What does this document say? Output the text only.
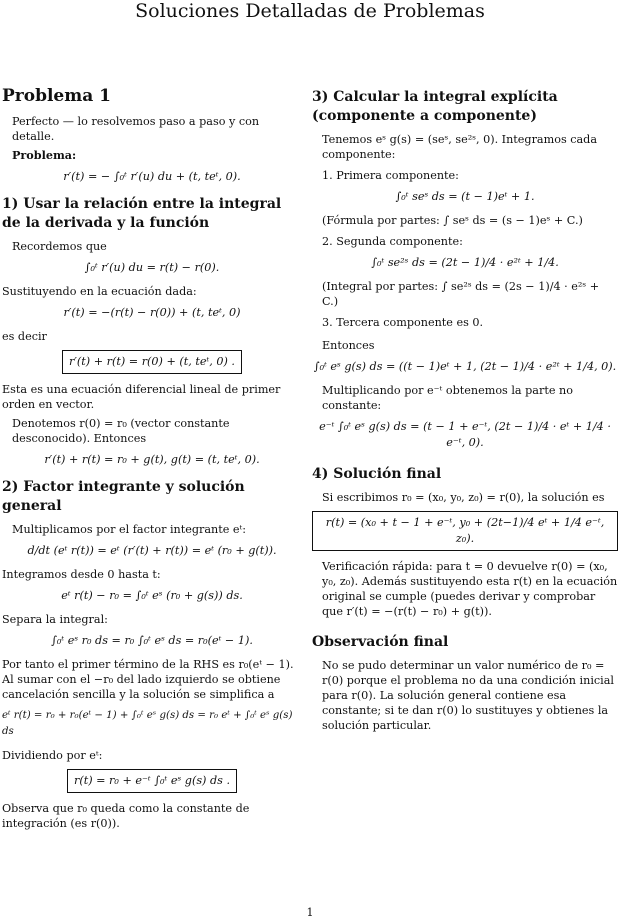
Soluciones Detalladas de Problemas
Problema 1
Perfecto — lo resolvemos paso a paso y con detalle.
Problema:
r′(t) = − ∫₀ᵗ r′(u) du + (t, teᵗ, 0).
1) Usar la relación entre la integral de la derivada y la función
Recordemos que
∫₀ᵗ r′(u) du = r(t) − r(0).
Sustituyendo en la ecuación dada:
r′(t) = −(r(t) − r(0)) + (t, teᵗ, 0)
es decir
r′(t) + r(t) = r(0) + (t, teᵗ, 0) .
Esta es una ecuación diferencial lineal de primer orden en vector.
Denotemos r(0) = r₀ (vector constante desconocido). Entonces
r′(t) + r(t) = r₀ + g(t), g(t) = (t, teᵗ, 0).
2) Factor integrante y solución general
Multiplicamos por el factor integrante eᵗ:
d/dt (eᵗ r(t)) = eᵗ (r′(t) + r(t)) = eᵗ (r₀ + g(t)).
Integramos desde 0 hasta t:
eᵗ r(t) − r₀ = ∫₀ᵗ eˢ (r₀ + g(s)) ds.
Separa la integral:
∫₀ᵗ eˢ r₀ ds = r₀ ∫₀ᵗ eˢ ds = r₀(eᵗ − 1).
Por tanto el primer término de la RHS es r₀(eᵗ − 1). Al sumar con el −r₀ del lado izquierdo se obtiene cancelación sencilla y la solución se simplifica a
eᵗ r(t) = r₀ + r₀(eᵗ − 1) + ∫₀ᵗ eˢ g(s) ds = r₀ eᵗ + ∫₀ᵗ eˢ g(s) ds
Dividiendo por eᵗ:
r(t) = r₀ + e⁻ᵗ ∫₀ᵗ eˢ g(s) ds .
Observa que r₀ queda como la constante de integración (es r(0)).
3) Calcular la integral explícita (componente a componente)
Tenemos eˢ g(s) = (seˢ, se²ˢ, 0). Integramos cada componente:
1. Primera componente:
∫₀ᵗ seˢ ds = (t − 1)eᵗ + 1.
(Fórmula por partes: ∫ seˢ ds = (s − 1)eˢ + C.)
2. Segunda componente:
∫₀ᵗ se²ˢ ds = (2t − 1)/4 · e²ᵗ + 1/4.
(Integral por partes: ∫ se²ˢ ds = (2s − 1)/4 · e²ˢ + C.)
3. Tercera componente es 0.
Entonces
∫₀ᵗ eˢ g(s) ds = ((t − 1)eᵗ + 1, (2t − 1)/4 · e²ᵗ + 1/4, 0).
Multiplicando por e⁻ᵗ obtenemos la parte no constante:
e⁻ᵗ ∫₀ᵗ eˢ g(s) ds = (t − 1 + e⁻ᵗ, (2t − 1)/4 · eᵗ + 1/4 · e⁻ᵗ, 0).
4) Solución final
Si escribimos r₀ = (x₀, y₀, z₀) = r(0), la solución es
r(t) = (x₀ + t − 1 + e⁻ᵗ, y₀ + (2t−1)/4 eᵗ + 1/4 e⁻ᵗ, z₀).
Verificación rápida: para t = 0 devuelve r(0) = (x₀, y₀, z₀). Además sustituyendo esta r(t) en la ecuación original se cumple (puedes derivar y comprobar que r′(t) = −(r(t) − r₀) + g(t)).
Observación final
No se pudo determinar un valor numérico de r₀ = r(0) porque el problema no da una condición inicial para r(0). La solución general contiene esa constante; si te dan r(0) lo sustituyes y obtienes la solución particular.
1
